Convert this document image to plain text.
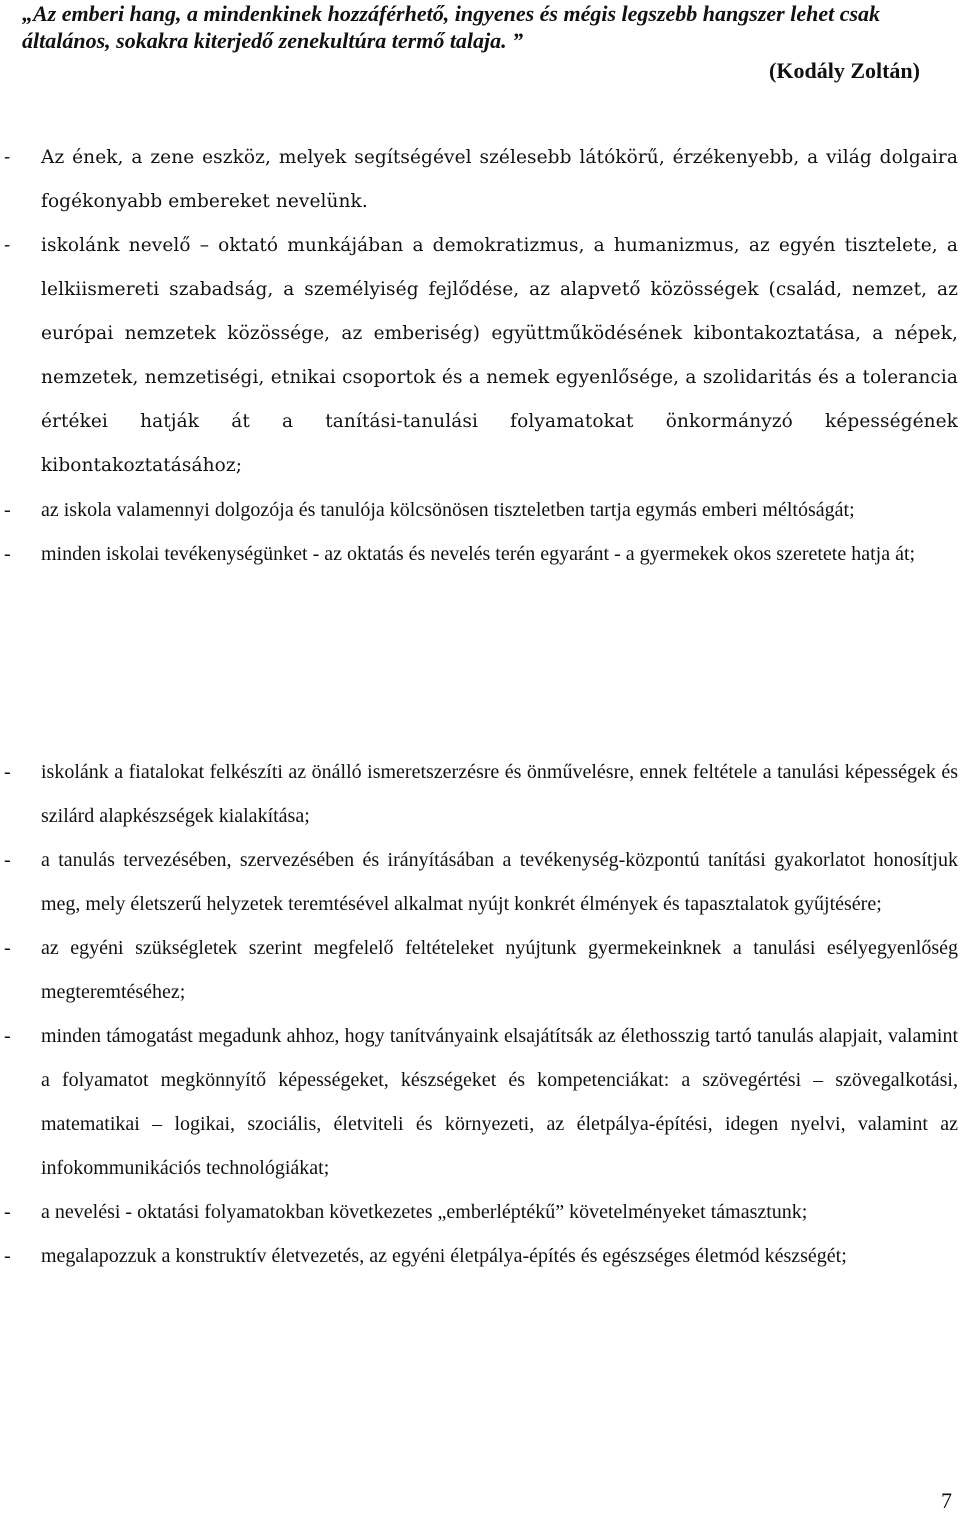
„Az emberi hang, a mindenkinek hozzáférhető, ingyenes és mégis legszebb hangszer lehet csak általános, sokakra kiterjedő zenekultúra termő talaja. ”
(Kodály Zoltán)
- Az ének, a zene eszköz, melyek segítségével szélesebb látókörű, érzékenyebb, a világ dolgaira fogékonyabb embereket nevelünk.
- iskolánk nevelő – oktató munkájában a demokratizmus, a humanizmus, az egyén tisztelete, a lelkiismereti szabadság, a személyiség fejlődése, az alapvető közösségek (család, nemzet, az európai nemzetek közössége, az emberiség) együttműködésének kibontakoztatása, a népek, nemzetek, nemzetiségi, etnikai csoportok és a nemek egyenlősége, a szolidaritás és a tolerancia értékei hatják át a tanítási-tanulási folyamatokat önkormányzó képességének kibontakoztatásához;
- az iskola valamennyi dolgozója és tanulója kölcsönösen tiszteletben tartja egymás emberi méltóságát;
- minden iskolai tevékenységünket - az oktatás és nevelés terén egyaránt - a gyermekek okos szeretete hatja át;
- iskolánk a fiatalokat felkészíti az önálló ismeretszerzésre és önművelésre, ennek feltétele a tanulási képességek és szilárd alapkészségek kialakítása;
- a tanulás tervezésében, szervezésében és irányításában a tevékenység-központú tanítási gyakorlatot honosítjuk meg, mely életszerű helyzetek teremtésével alkalmat nyújt konkrét élmények és tapasztalatok gyűjtésére;
- az egyéni szükségletek szerint megfelelő feltételeket nyújtunk gyermekeinknek a tanulási esélyegyenlőség megteremtéséhez;
- minden támogatást megadunk ahhoz, hogy tanítványaink elsajátítsák az élethosszig tartó tanulás alapjait, valamint a folyamatot megkönnyítő képességeket, készségeket és kompetenciákat: a szövegértési – szövegalkotási, matematikai – logikai, szociális, életviteli és környezeti, az életpálya-építési, idegen nyelvi, valamint az infokommunikációs technológiákat;
- a nevelési - oktatási folyamatokban következetes „emberléptékű” követelményeket támasztunk;
- megalapozzuk a konstruktív életvezetés, az egyéni életpálya-építés és egészséges életmód készségét;
7
